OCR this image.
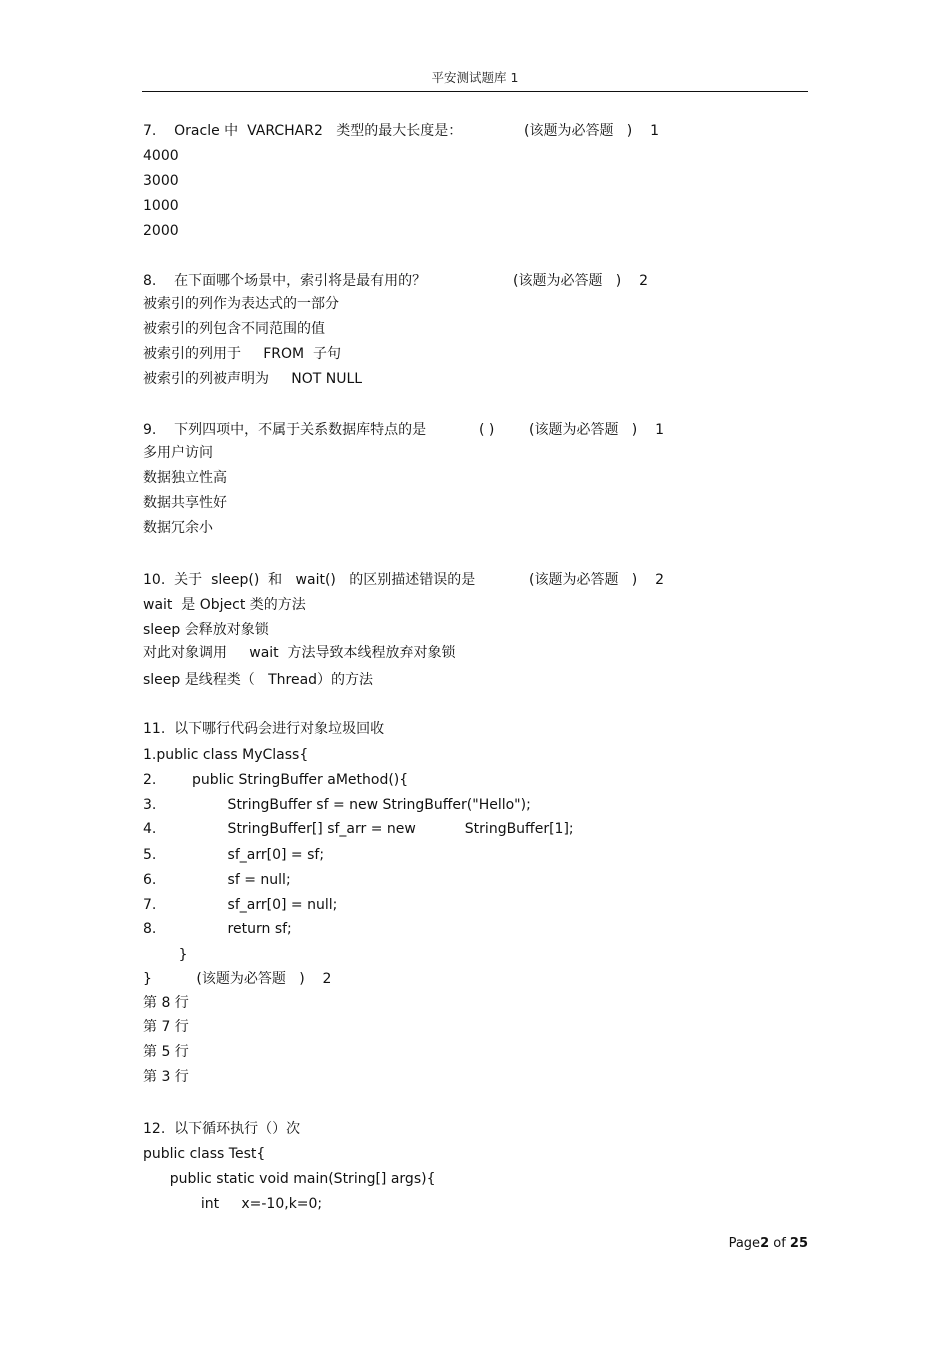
平安测试题库 1
7.    Oracle 中  VARCHAR2   类型的最大长度是：	(该题为必答题   )    1
4000
3000
1000
2000
8.    在下面哪个场景中，索引将是最有用的？	(该题为必答题   )    2
被索引的列作为表达式的一部分
被索引的列包含不同范围的值
被索引的列用于     FROM  子句
被索引的列被声明为     NOT NULL
9.    下列四项中，不属于关系数据库特点的是	( ) (该题为必答题   )    1
多用户访问
数据独立性高
数据共享性好
数据冗余小
10.  关于  sleep()  和   wait()   的区别描述错误的是	(该题为必答题   )    2
wait  是 Object 类的方法
sleep 会释放对象锁
对此对象调用     wait  方法导致本线程放弃对象锁
sleep 是线程类（   Thread）的方法
11.  以下哪行代码会进行对象垃圾回收
1.public class MyClass{
2.        public StringBuffer aMethod(){
3.                StringBuffer sf = new StringBuffer("Hello");
4.                StringBuffer[] sf_arr = new           StringBuffer[1];
5.                sf_arr[0] = sf;
6.                sf = null;
7.                sf_arr[0] = null;
8.                return sf;
}
}          (该题为必答题   )    2
第 8 行
第 7 行
第 5 行
第 3 行
12.  以下循环执行（）次
public class Test{
public static void main(String[] args){
int     x=-10,k=0;
Page2 of 25
